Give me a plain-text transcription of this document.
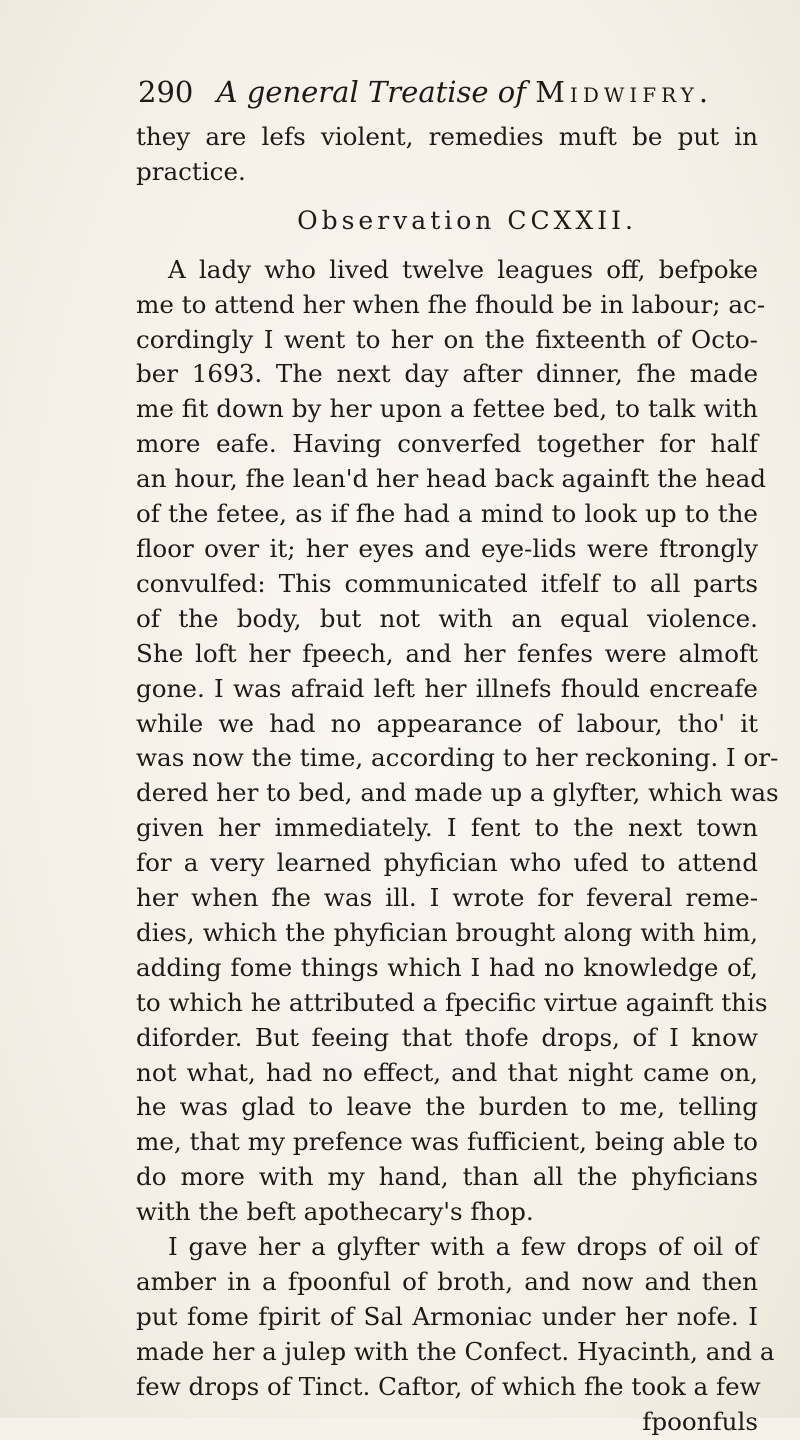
290 A general Treatise of Midwifry.
they are lefs violent, remedies muft be put in
practice.
Observation CCXXII.
A lady who lived twelve leagues off, befpoke
me to attend her when fhe fhould be in labour; ac-
cordingly I went to her on the fixteenth of Octo-
ber 1693. The next day after dinner, fhe made
me fit down by her upon a fettee bed, to talk with
more eafe. Having converfed together for half
an hour, fhe lean'd her head back againft the head
of the fetee, as if fhe had a mind to look up to the
floor over it; her eyes and eye-lids were ftrongly
convulfed: This communicated itfelf to all parts
of the body, but not with an equal violence.
She loft her fpeech, and her fenfes were almoft
gone. I was afraid left her illnefs fhould encreafe
while we had no appearance of labour, tho' it
was now the time, according to her reckoning. I or-
dered her to bed, and made up a glyfter, which was
given her immediately. I fent to the next town
for a very learned phyfician who ufed to attend
her when fhe was ill. I wrote for feveral reme-
dies, which the phyfician brought along with him,
adding fome things which I had no knowledge of,
to which he attributed a fpecific virtue againft this
diforder. But feeing that thofe drops, of I know
not what, had no effect, and that night came on,
he was glad to leave the burden to me, telling
me, that my prefence was fufficient, being able to
do more with my hand, than all the phyficians
with the beft apothecary's fhop.
I gave her a glyfter with a few drops of oil of
amber in a fpoonful of broth, and now and then
put fome fpirit of Sal Armoniac under her nofe. I
made her a julep with the Confect. Hyacinth, and a
few drops of Tinct. Caftor, of which fhe took a few
fpoonfuls
